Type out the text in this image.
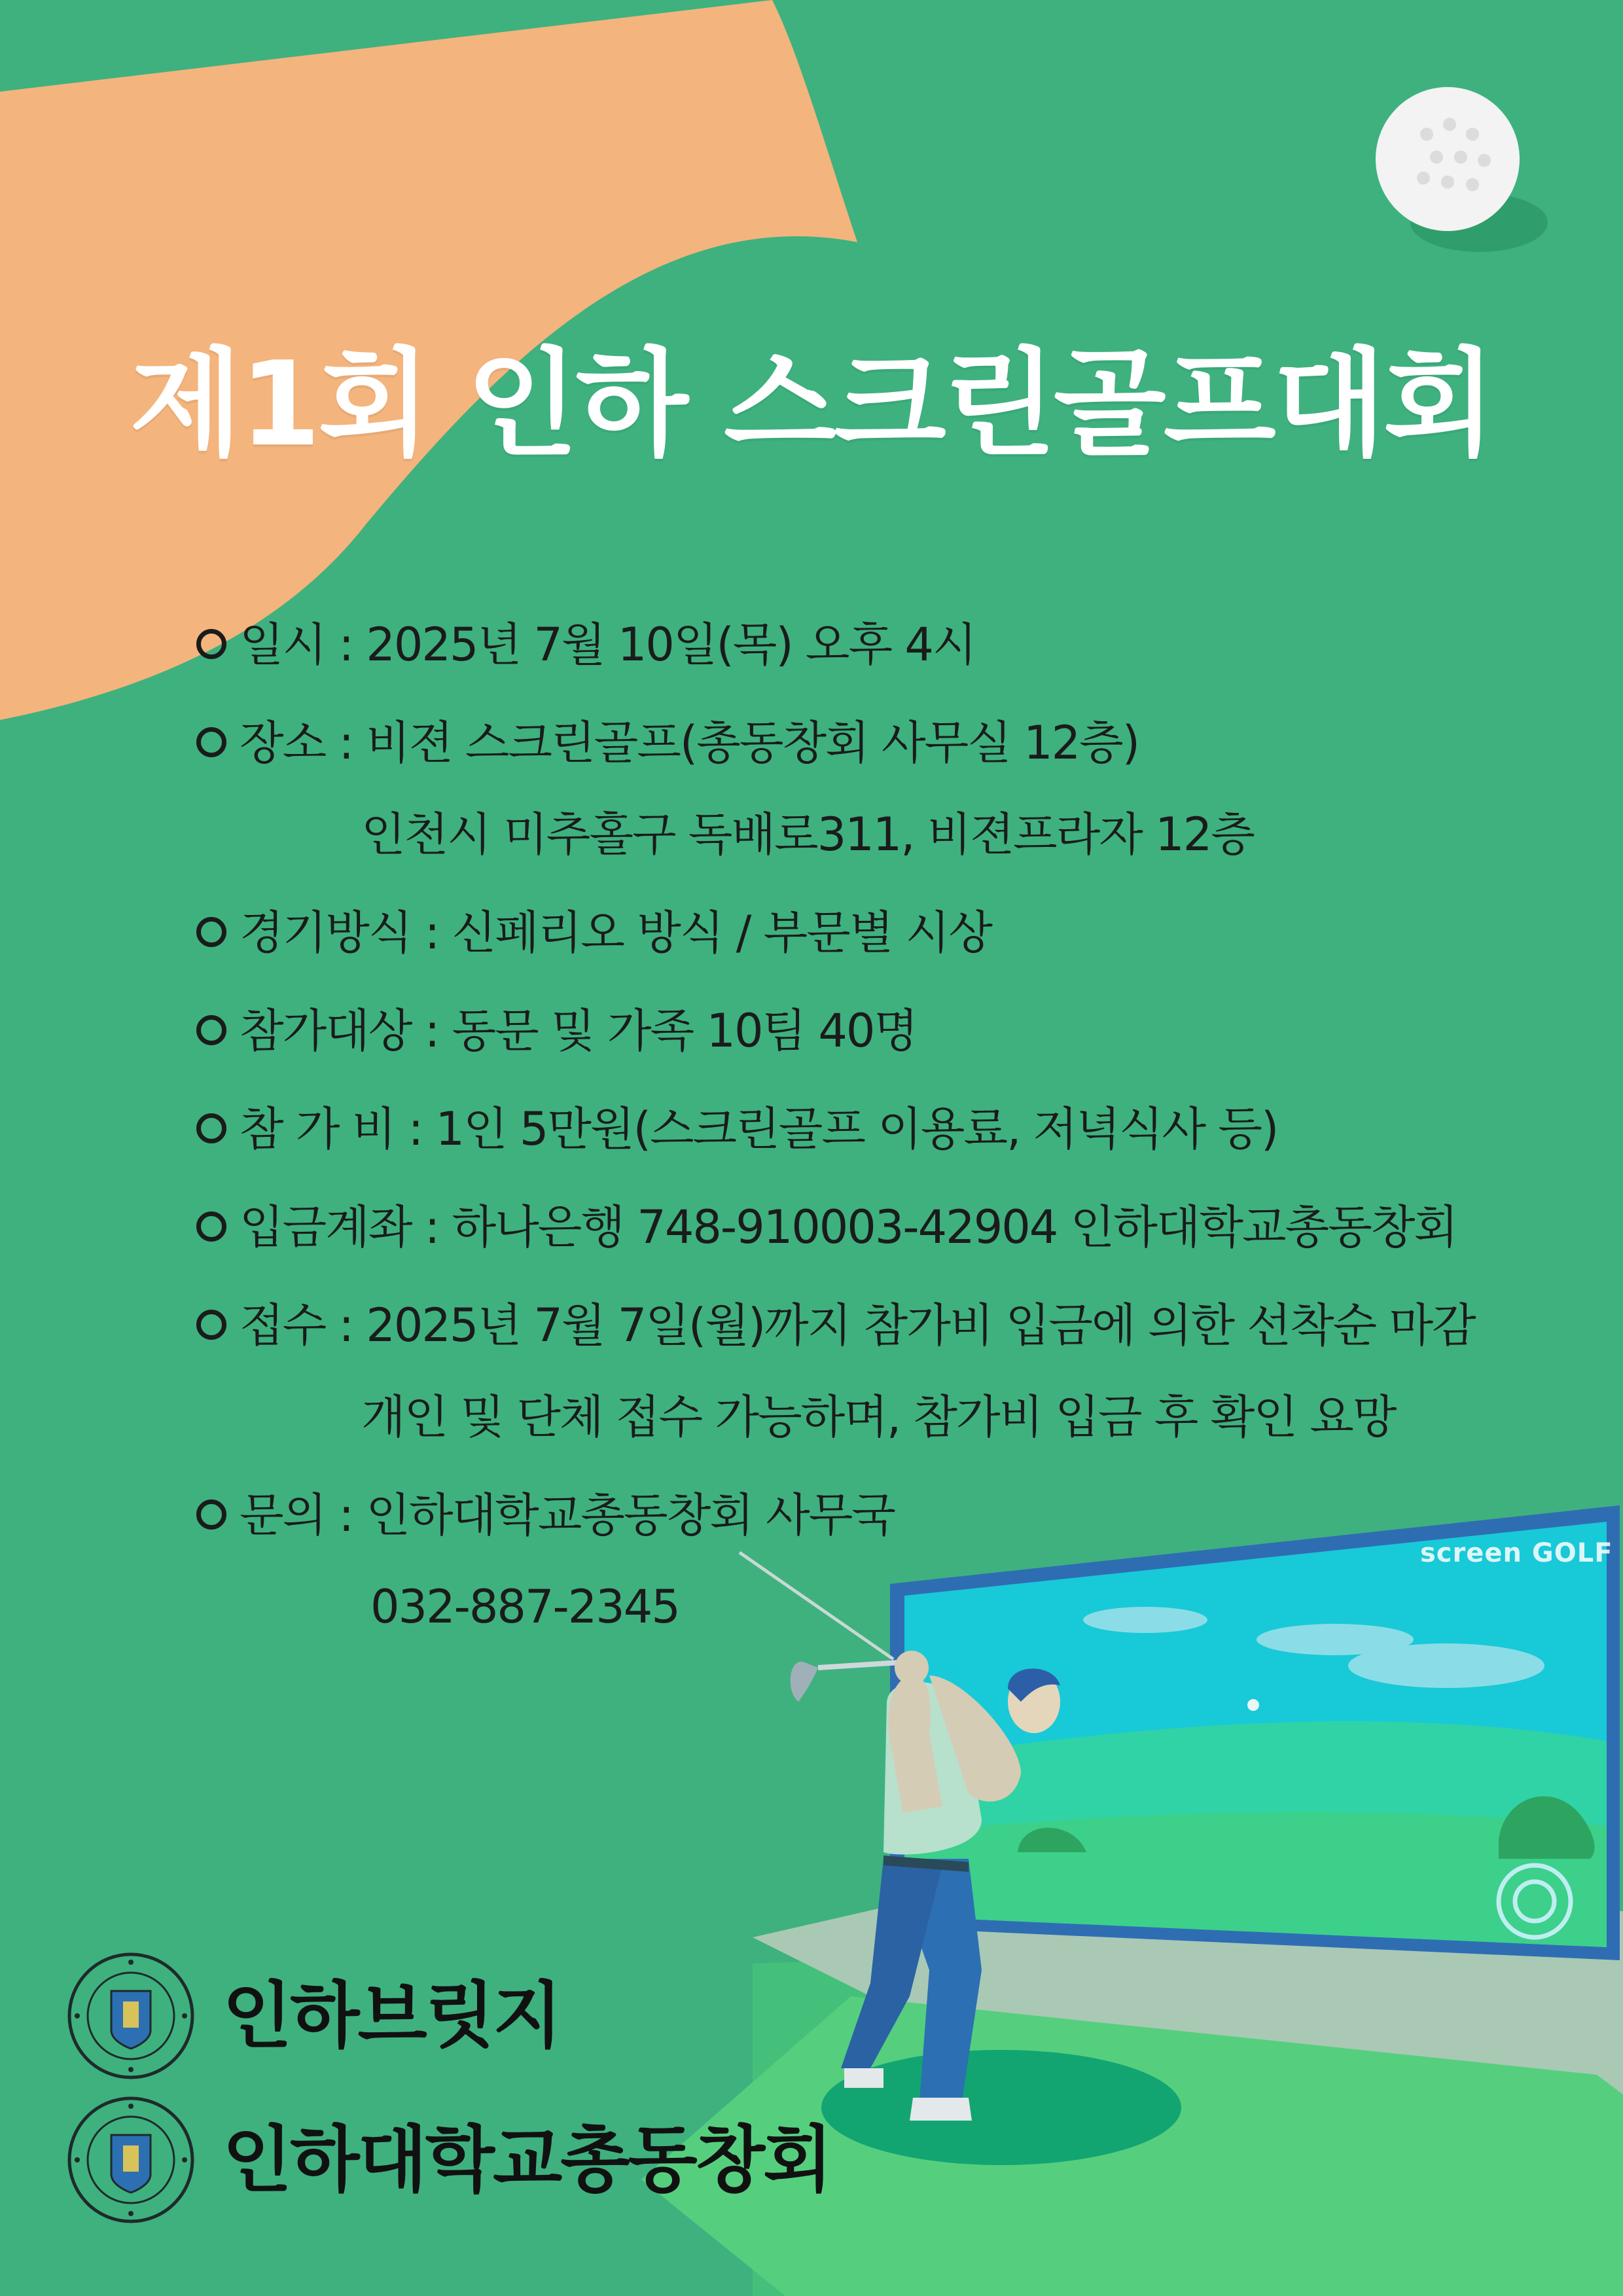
제1회 인하 스크린골프대회
일시 : 2025년 7월 10일(목) 오후 4시
장소 : 비젼 스크린골프(총동창회 사무실 12층)
인천시 미추홀구 독배로311, 비젼프라자 12층
경기방식 : 신페리오 방식 / 부문별 시상
참가대상 : 동문 및 가족 10팀 40명
참 가 비 : 1인 5만원(스크린골프 이용료, 저녁식사 등)
입금계좌 : 하나은행 748-910003-42904 인하대학교총동창회
접수 : 2025년 7월 7일(월)까지 참가비 입금에 의한 선착순 마감
개인 및 단체 접수 가능하며, 참가비 입금 후 확인 요망
문의 : 인하대학교총동창회 사무국
032-887-2345
screen GOLF
인하브릿지
인하대학교총동창회
